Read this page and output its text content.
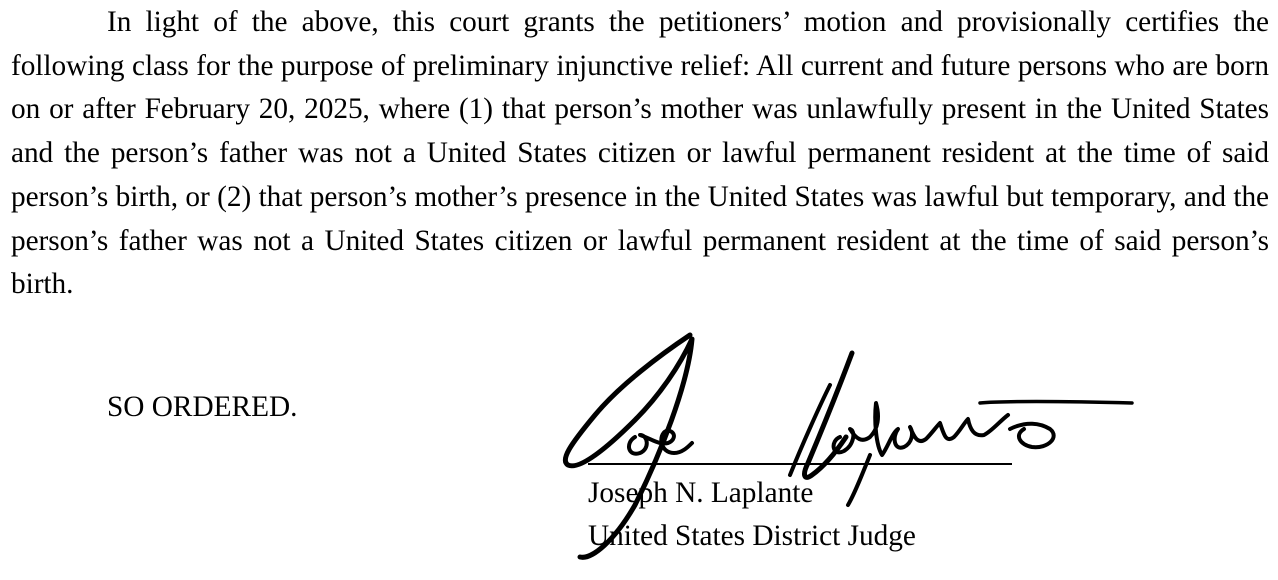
In light of the above, this court grants the petitioners’ motion and provisionally certifies the following class for the purpose of preliminary injunctive relief: All current and future persons who are born on or after February 20, 2025, where (1) that person’s mother was unlawfully present in the United States and the person’s father was not a United States citizen or lawful permanent resident at the time of said person’s birth, or (2) that person’s mother’s presence in the United States was lawful but temporary, and the person’s father was not a United States citizen or lawful permanent resident at the time of said person’s birth.

SO ORDERED.

Joseph N. Laplante

United States District Judge
